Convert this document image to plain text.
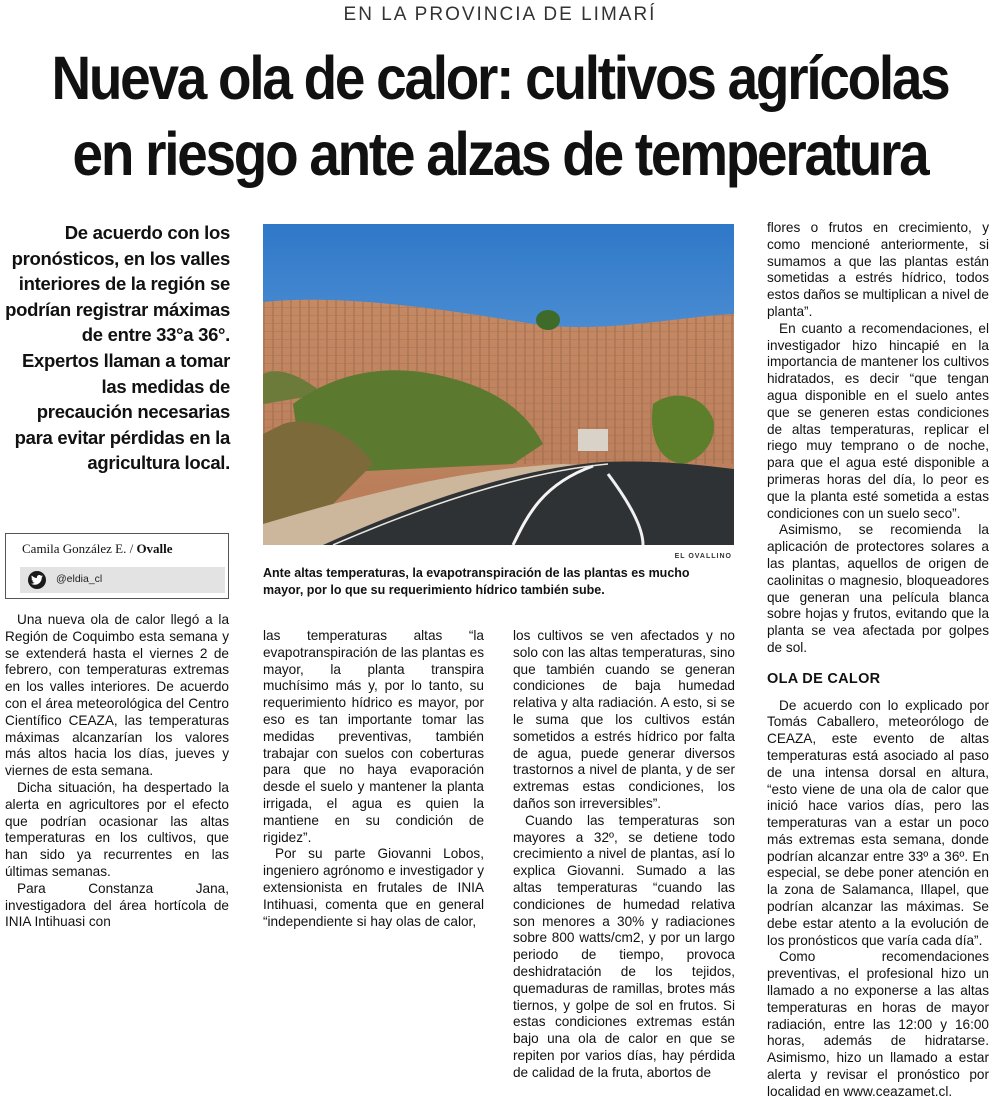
EN LA PROVINCIA DE LIMARÍ
Nueva ola de calor: cultivos agrícolas en riesgo ante alzas de temperatura
De acuerdo con los pronósticos, en los valles interiores de la región se podrían registrar máximas de entre 33°a 36°. Expertos llaman a tomar las medidas de precaución necesarias para evitar pérdidas en la agricultura local.
Camila González E. / Ovalle
@eldia_cl
EL OVALLINO
Ante altas temperaturas, la evapotranspiración de las plantas es mucho mayor, por lo que su requerimiento hídrico también sube.

Una nueva ola de calor llegó a la Región de Coquimbo esta semana y se extenderá hasta el viernes 2 de febrero, con temperaturas extremas en los valles interiores. De acuerdo con el área meteorológica del Centro Científico CEAZA, las temperaturas máximas alcanzarían los valores más altos hacia los días, jueves y viernes de esta semana.

Dicha situación, ha despertado la alerta en agricultores por el efecto que podrían ocasionar las altas temperaturas en los cultivos, que han sido ya recurrentes en las últimas semanas.

Para Constanza Jana, investigadora del área hortícola de INIA Intihuasi con

las temperaturas altas “la evapotranspiración de las plantas es mayor, la planta transpira muchísimo más y, por lo tanto, su requerimiento hídrico es mayor, por eso es tan importante tomar las medidas preventivas, también trabajar con suelos con coberturas para que no haya evaporación desde el suelo y mantener la planta irrigada, el agua es quien la mantiene en su condición de rigidez”.

Por su parte Giovanni Lobos, ingeniero agrónomo e investigador y extensionista en frutales de INIA Intihuasi, comenta que en general “independiente si hay olas de calor,

los cultivos se ven afectados y no solo con las altas temperaturas, sino que también cuando se generan condiciones de baja humedad relativa y alta radiación. A esto, si se le suma que los cultivos están sometidos a estrés hídrico por falta de agua, puede generar diversos trastornos a nivel de planta, y de ser extremas estas condiciones, los daños son irreversibles”.

Cuando las temperaturas son mayores a 32º, se detiene todo crecimiento a nivel de plantas, así lo explica Giovanni. Sumado a las altas temperaturas “cuando las condiciones de humedad relativa son menores a 30% y radiaciones sobre 800 watts/cm2, y por un largo periodo de tiempo, provoca deshidratación de los tejidos, quemaduras de ramillas, brotes más tiernos, y golpe de sol en frutos. Si estas condiciones extremas están bajo una ola de calor en que se repiten por varios días, hay pérdida de calidad de la fruta, abortos de

flores o frutos en crecimiento, y como mencioné anteriormente, si sumamos a que las plantas están sometidas a estrés hídrico, todos estos daños se multiplican a nivel de planta”.

En cuanto a recomendaciones, el investigador hizo hincapié en la importancia de mantener los cultivos hidratados, es decir “que tengan agua disponible en el suelo antes que se generen estas condiciones de altas temperaturas, replicar el riego muy temprano o de noche, para que el agua esté disponible a primeras horas del día, lo peor es que la planta esté sometida a estas condiciones con un suelo seco”.

Asimismo, se recomienda la aplicación de protectores solares a las plantas, aquellos de origen de caolinitas o magnesio, bloqueadores que generan una película blanca sobre hojas y frutos, evitando que la planta se vea afectada por golpes de sol.

OLA DE CALOR

De acuerdo con lo explicado por Tomás Caballero, meteorólogo de CEAZA, este evento de altas temperaturas está asociado al paso de una intensa dorsal en altura, “esto viene de una ola de calor que inició hace varios días, pero las temperaturas van a estar un poco más extremas esta semana, donde podrían alcanzar entre 33º a 36º. En especial, se debe poner atención en la zona de Salamanca, Illapel, que podrían alcanzar las máximas. Se debe estar atento a la evolución de los pronósticos que varía cada día”.

Como recomendaciones preventivas, el profesional hizo un llamado a no exponerse a las altas temperaturas en horas de mayor radiación, entre las 12:00 y 16:00 horas, además de hidratarse. Asimismo, hizo un llamado a estar alerta y revisar el pronóstico por localidad en www.ceazamet.cl.
